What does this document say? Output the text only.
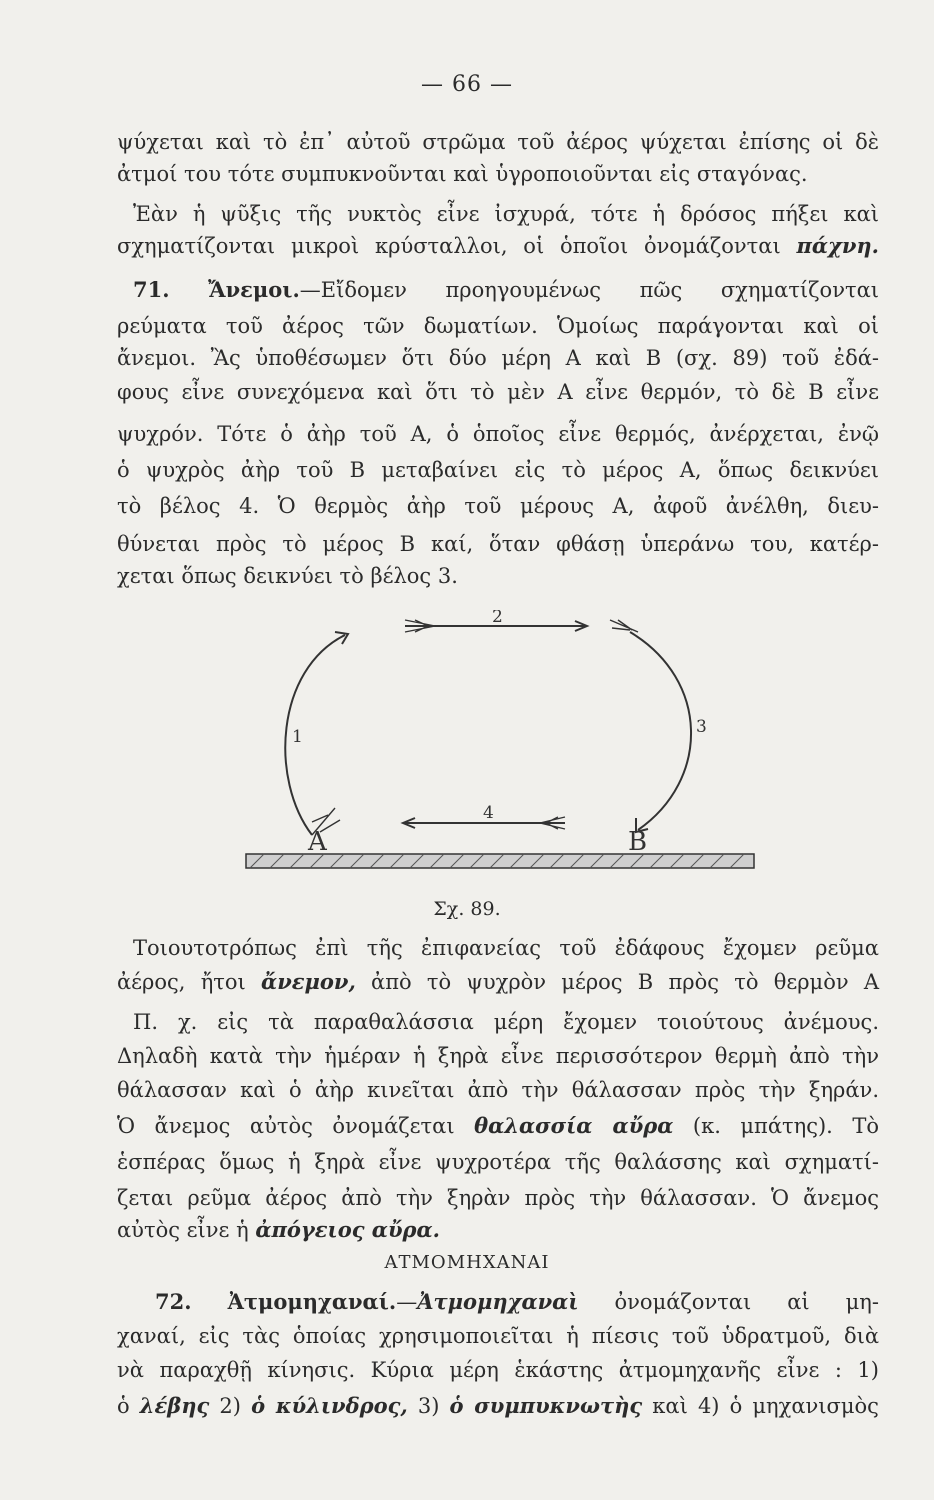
— 66 —
ψύχεται καὶ τὸ ἐπ᾽ αὐτοῦ στρῶμα τοῦ ἀέρος ψύχεται ἐπίσης οἱ δὲ
ἀτμοί του τότε συμπυκνοῦνται καὶ ὑγροποιοῦνται εἰς σταγόνας.
Ἐὰν ἡ ψῦξις τῆς νυκτὸς εἶνε ἰσχυρά, τότε ἡ δρόσος πήξει καὶ
σχηματίζονται μικροὶ κρύσταλλοι, οἱ ὁποῖοι ὀνομάζονται πάχνη.
71. Ἄνεμοι.—Εἴδομεν προηγουμένως πῶς σχηματίζονται
ρεύματα τοῦ ἀέρος τῶν δωματίων. Ὁμοίως παράγονται καὶ οἱ
ἄνεμοι. Ἂς ὑποθέσωμεν ὅτι δύο μέρη Α καὶ Β (σχ. 89) τοῦ ἐδά-
φους εἶνε συνεχόμενα καὶ ὅτι τὸ μὲν Α εἶνε θερμόν, τὸ δὲ Β εἶνε
ψυχρόν. Τότε ὁ ἀὴρ τοῦ Α, ὁ ὁποῖος εἶνε θερμός, ἀνέρχεται, ἐνῷ
ὁ ψυχρὸς ἀὴρ τοῦ Β μεταβαίνει εἰς τὸ μέρος Α, ὅπως δεικνύει
τὸ βέλος 4. Ὁ θερμὸς ἀὴρ τοῦ μέρους Α, ἀφοῦ ἀνέλθη, διευ-
θύνεται πρὸς τὸ μέρος Β καί, ὅταν φθάσῃ ὑπεράνω του, κατέρ-
χεται ὅπως δεικνύει τὸ βέλος 3.
1
2
3
4
Α	Β
Σχ. 89.
Τοιουτοτρόπως ἐπὶ τῆς ἐπιφανείας τοῦ ἐδάφους ἔχομεν ρεῦμα
ἀέρος, ἤτοι ἄνεμον, ἀπὸ τὸ ψυχρὸν μέρος Β πρὸς τὸ θερμὸν Α
Π. χ. εἰς τὰ παραθαλάσσια μέρη ἔχομεν τοιούτους ἀνέμους.
Δηλαδὴ κατὰ τὴν ἡμέραν ἡ ξηρὰ εἶνε περισσότερον θερμὴ ἀπὸ τὴν
θάλασσαν καὶ ὁ ἀὴρ κινεῖται ἀπὸ τὴν θάλασσαν πρὸς τὴν ξηράν.
Ὁ ἄνεμος αὐτὸς ὀνομάζεται θαλασσία αὔρα (κ. μπάτης). Τὸ
ἑσπέρας ὅμως ἡ ξηρὰ εἶνε ψυχροτέρα τῆς θαλάσσης καὶ σχηματί-
ζεται ρεῦμα ἀέρος ἀπὸ τὴν ξηρὰν πρὸς τὴν θάλασσαν. Ὁ ἄνεμος
αὐτὸς εἶνε ἡ ἀπόγειος αὔρα.
ΑΤΜΟΜΗΧΑΝΑΙ
72. Ἀτμομηχαναί.—Ἀτμομηχαναὶ ὀνομάζονται αἱ μη-
χαναί, εἰς τὰς ὁποίας χρησιμοποιεῖται ἡ πίεσις τοῦ ὑδρατμοῦ, διὰ
νὰ παραχθῇ κίνησις. Κύρια μέρη ἑκάστης ἀτμομηχανῆς εἶνε : 1)
ὁ λέβης 2) ὁ κύλινδρος, 3) ὁ συμπυκνωτὴς καὶ 4) ὁ μηχανισμὸς
